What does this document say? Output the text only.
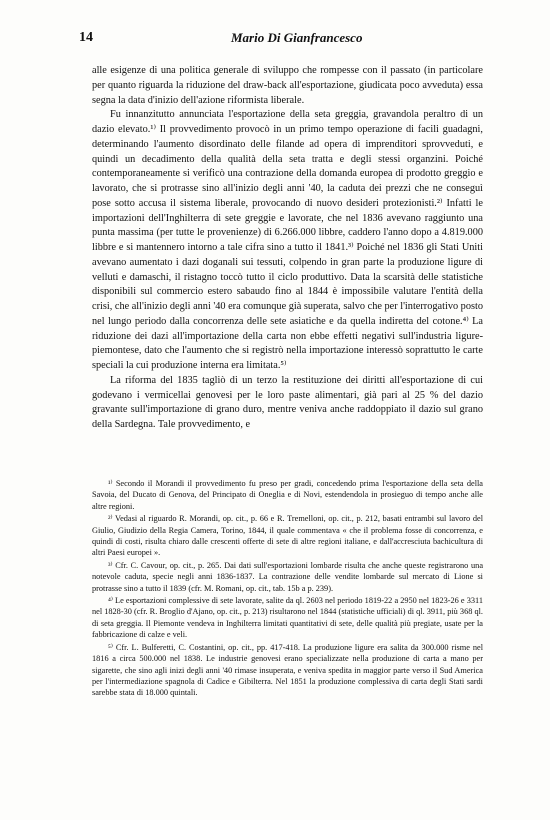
14	Mario Di Gianfrancesco

alle esigenze di una politica generale di sviluppo che rompesse con il passato (in particolare per quanto riguarda la riduzione del draw-back all'esportazione, giudicata poco avveduta) essa segna la data d'inizio dell'azione riformista liberale.

Fu innanzitutto annunciata l'esportazione della seta greggia, gravandola peraltro di un dazio elevato.¹⁾ Il provvedimento provocò in un primo tempo operazione di facili guadagni, determinando l'aumento disordinato delle filande ad opera di imprenditori sprovveduti, e quindi un decadimento della qualità della seta tratta e degli stessi organzini. Poiché contemporaneamente si verificò una contrazione della domanda europea di prodotto greggio e lavorato, che si protrasse sino all'inizio degli anni '40, la caduta dei prezzi che ne conseguì pose sotto accusa il sistema liberale, provocando di nuovo desideri protezionisti.²⁾ Infatti le importazioni dell'Inghilterra di sete greggie e lavorate, che nel 1836 avevano raggiunto una punta massima (per tutte le provenienze) di 6.266.000 libbre, caddero l'anno dopo a 4.819.000 libbre e si mantennero intorno a tale cifra sino a tutto il 1841.³⁾ Poiché nel 1836 gli Stati Uniti avevano aumentato i dazi doganali sui tessuti, colpendo in gran parte la produzione ligure di velluti e damaschi, il ristagno toccò tutto il ciclo produttivo. Data la scarsità delle statistiche disponibili sul commercio estero sabaudo fino al 1844 è impossibile valutare l'entità della crisi, che all'inizio degli anni '40 era comunque già superata, salvo che per l'interrogativo posto nel lungo periodo dalla concorrenza delle sete asiatiche e da quella indiretta del cotone.⁴⁾ La riduzione dei dazi all'importazione della carta non ebbe effetti negativi sull'industria ligure-piemontese, dato che l'aumento che si registrò nella importazione interessò soprattutto le carte speciali la cui produzione interna era limitata.⁵⁾

La riforma del 1835 tagliò di un terzo la restituzione dei diritti all'esportazione di cui godevano i vermicellai genovesi per le loro paste alimentari, già pari al 25 % del dazio gravante sull'importazione di grano duro, mentre veniva anche raddoppiato il dazio sul grano della Sardegna. Tale provvedimento, e

¹⁾ Secondo il Morandi il provvedimento fu preso per gradi, concedendo prima l'esportazione della seta della Savoia, del Ducato di Genova, del Principato di Oneglia e di Novi, estendendola in prosieguo di tempo anche alle altre regioni.

²⁾ Vedasi al riguardo R. Morandi, op. cit., p. 66 e R. Tremelloni, op. cit., p. 212, basati entrambi sul lavoro del Giulio, Giudizio della Regia Camera, Torino, 1844, il quale commentava « che il problema fosse di concorrenza, e quindi di costi, risulta chiaro dalle crescenti offerte di sete di altre regioni italiane, e dall'accresciuta bachicultura di altri Paesi europei ».

³⁾ Cfr. C. Cavour, op. cit., p. 265. Dai dati sull'esportazioni lombarde risulta che anche queste registrarono una notevole caduta, specie negli anni 1836-1837. La contrazione delle vendite lombarde sul mercato di Lione si protrasse sino a tutto il 1839 (cfr. M. Romani, op. cit., tab. 15b a p. 239).

⁴⁾ Le esportazioni complessive di sete lavorate, salite da ql. 2603 nel periodo 1819-22 a 2950 nel 1823-26 e 3311 nel 1828-30 (cfr. R. Broglio d'Ajano, op. cit., p. 213) risultarono nel 1844 (statistiche ufficiali) di ql. 3911, più 368 ql. di seta greggia. Il Piemonte vendeva in Inghilterra limitati quantitativi di sete, delle qualità più pregiate, usate per la fabbricazione di calze e veli.

⁵⁾ Cfr. L. Bulferetti, C. Costantini, op. cit., pp. 417-418. La produzione ligure era salita da 300.000 risme nel 1816 a circa 500.000 nel 1838. Le industrie genovesi erano specializzate nella produzione di carta a mano per sigarette, che sino agli inizi degli anni '40 rimase insuperata, e veniva spedita in maggior parte verso il Sud America per l'intermediazione spagnola di Cadice e Gibilterra. Nel 1851 la produzione complessiva di carta degli Stati sardi sarebbe stata di 18.000 quintali.
